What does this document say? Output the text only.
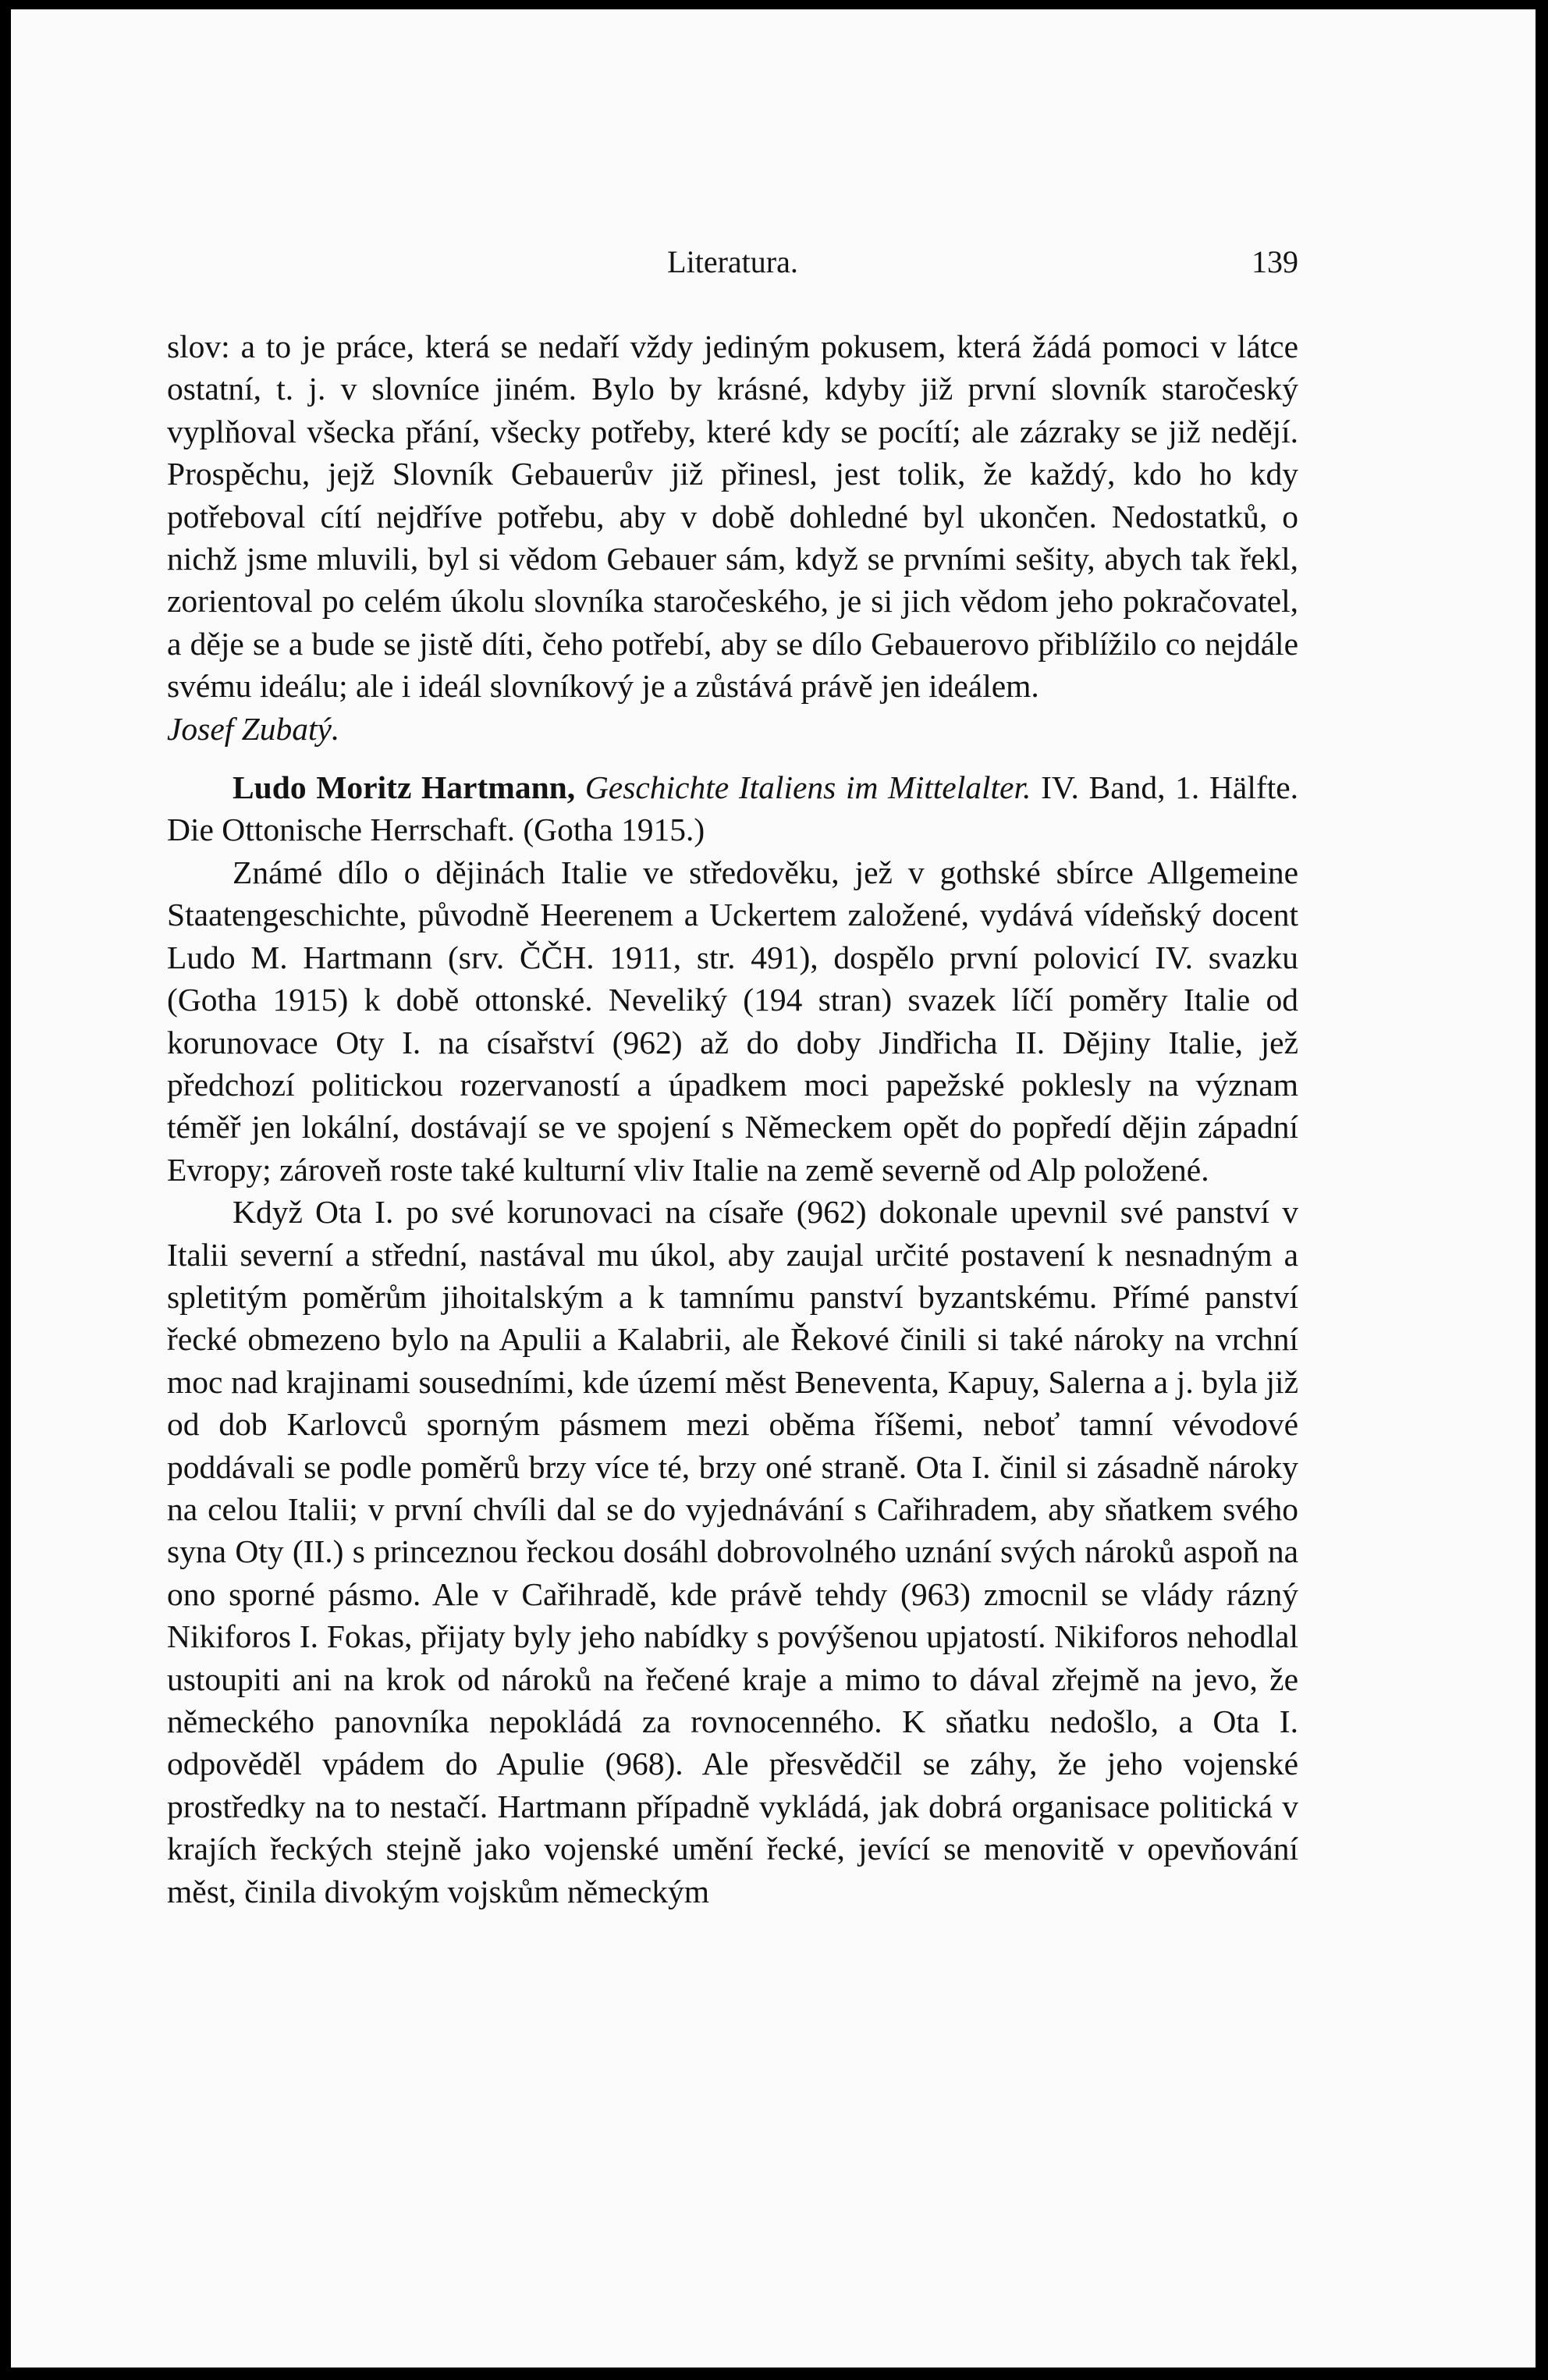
Literatura.	139

slov: a to je práce, která se nedaří vždy jediným pokusem, která žádá pomoci v látce ostatní, t. j. v slovníce jiném. Bylo by krásné, kdyby již první slovník staročeský vyplňoval všecka přání, všecky potřeby, které kdy se pocítí; ale zázraky se již nedějí. Prospěchu, jejž Slovník Gebauerův již přinesl, jest tolik, že každý, kdo ho kdy potřeboval cítí nejdříve potřebu, aby v době dohledné byl ukončen. Nedostatků, o nichž jsme mluvili, byl si vědom Gebauer sám, když se prvními sešity, abych tak řekl, zorientoval po celém úkolu slovníka staročeského, je si jich vědom jeho pokračovatel, a děje se a bude se jistě díti, čeho potřebí, aby se dílo Gebauerovo přiblížilo co nejdále svému ideálu; ale i ideál slovníkový je a zůstává právě jen ideálem.

Josef Zubatý.

Ludo Moritz Hartmann, Geschichte Italiens im Mittelalter. IV. Band, 1. Hälfte. Die Ottonische Herrschaft. (Gotha 1915.)

Známé dílo o dějinách Italie ve středověku, jež v gothské sbírce Allgemeine Staatengeschichte, původně Heerenem a Uckertem založené, vydává vídeňský docent Ludo M. Hartmann (srv. ČČH. 1911, str. 491), dospělo první polovicí IV. svazku (Gotha 1915) k době ottonské. Neveliký (194 stran) svazek líčí poměry Italie od korunovace Oty I. na císařství (962) až do doby Jindřicha II. Dějiny Italie, jež předchozí politickou rozervaností a úpadkem moci papežské poklesly na význam téměř jen lokální, dostávají se ve spojení s Německem opět do popředí dějin západní Evropy; zároveň roste také kulturní vliv Italie na země severně od Alp položené.

Když Ota I. po své korunovaci na císaře (962) dokonale upevnil své panství v Italii severní a střední, nastával mu úkol, aby zaujal určité postavení k nesnadným a spletitým poměrům jihoitalským a k tamnímu panství byzantskému. Přímé panství řecké obmezeno bylo na Apulii a Kalabrii, ale Řekové činili si také nároky na vrchní moc nad krajinami sousedními, kde území měst Beneventa, Kapuy, Salerna a j. byla již od dob Karlovců sporným pásmem mezi oběma říšemi, neboť tamní vévodové poddávali se podle poměrů brzy více té, brzy oné straně. Ota I. činil si zásadně nároky na celou Italii; v první chvíli dal se do vyjednávání s Cařihradem, aby sňatkem svého syna Oty (II.) s princeznou řeckou dosáhl dobrovolného uznání svých nároků aspoň na ono sporné pásmo. Ale v Cařihradě, kde právě tehdy (963) zmocnil se vlády rázný Nikiforos I. Fokas, přijaty byly jeho nabídky s povýšenou upjatostí. Nikiforos nehodlal ustoupiti ani na krok od nároků na řečené kraje a mimo to dával zřejmě na jevo, že německého panovníka nepokládá za rovnocenného. K sňatku nedošlo, a Ota I. odpověděl vpádem do Apulie (968). Ale přesvědčil se záhy, že jeho vojenské prostředky na to nestačí. Hartmann případně vykládá, jak dobrá organisace politická v krajích řeckých stejně jako vojenské umění řecké, jevící se menovitě v opevňování měst, činila divokým vojskům německým
